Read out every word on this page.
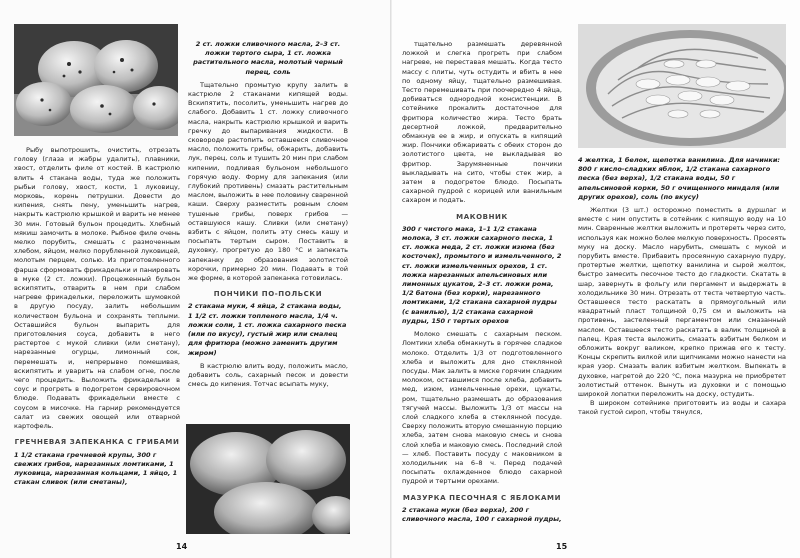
Рыбу выпотрошить, очистить, отрезать голову (глаза и жабры удалить), плавники, хвост, отделить филе от костей. В кастрюлю влить 4 стакана воды, туда же положить рыбьи голову, хвост, кости, 1 луковицу, морковь, корень петрушки. Довести до кипения, снять пену, уменьшить нагрев, накрыть кастрюлю крышкой и варить не менее 30 мин. Готовый бульон процедить. Хлебный мякиш замочить в молоке. Рыбное филе очень мелко порубить, смешать с размоченным хлебом, яйцом, мелко порубленной луковицей, молотым перцем, солью. Из приготовленного фарша сформовать фрикадельки и панировать в муке (2 ст. ложки). Процеженный бульон вскипятить, отварить в нем при слабом нагреве фрикадельки, переложить шумовкой в другую посуду, залить небольшим количеством бульона и сохранять теплыми. Оставшийся бульон выпарить для приготовления соуса, добавить в него растертое с мукой сливки (или сметану), нарезанные огурцы, лимонный сок, перемешать и, непрерывно помешивая, вскипятить и уварить на слабом огне, после чего процедить. Выложить фрикадельки в соус и прогреть в подогретом сервировочном блюде. Подавать фрикадельки вместе с соусом в мисочке. На гарнир рекомендуется салат из свежих овощей или отварной картофель.

ГРЕЧНЕВАЯ ЗАПЕКАНКА С ГРИБАМИ

1 1/2 стакана гречневой крупы, 300 г свежих грибов, нарезанных ломтиками, 1 луковица, нарезанная кольцами, 1 яйцо, 1 стакан сливок (или сметаны),

2 ст. ложки сливочного масла, 2–3 ст. ложки тертого сыра, 1 ст. ложка растительного масла, молотый черный перец, соль

Тщательно промытую крупу залить в кастрюле 2 стаканами кипящей воды. Вскипятить, посолить, уменьшить нагрев до слабого. Добавить 1 ст. ложку сливочного масла, накрыть кастрюлю крышкой и варить гречку до выпаривания жидкости. В сковороде растопить оставшееся сливочное масло, положить грибы, обжарить, добавить лук, перец, соль и тушить 20 мин при слабом кипении, подливая бульоном небольшого горячую воду. Форму для запекания (или глубокий противень) смазать растительным маслом, выложить в нее половину сваренной каши. Сверху разместить ровным слоем тушеные грибы, поверх грибов — оставшуюся кашу. Сливки (или сметану) взбить с яйцом, полить эту смесь кашу и посыпать тертым сыром. Поставить в духовку, прогретую до 180 °C и запекать запеканку до образования золотистой корочки, примерно 20 мин. Подавать в той же форме, в которой запеканка готовилась.

ПОНЧИКИ ПО-ПОЛЬСКИ

2 стакана муки, 4 яйца, 2 стакана воды, 1 1/2 ст. ложки топленого масла, 1/4 ч. ложки соли, 1 ст. ложка сахарного песка (или по вкусу), густый жир или смалец для фритюра (можно заменить другим жиром)

В кастрюлю влить воду, положить масло, добавить соль, сахарный песок и довести смесь до кипения. Тотчас всыпать муку,

14

тщательно размешать деревянной ложкой и слегка прогреть при слабом нагреве, не переставая мешать. Когда тесто массу с плиты, чуть остудить и вбить в нее по одному яйцу, тщательно размешивая. Тесто перемешивать при поочередно 4 яйца, добиваться однородной консистенции. В сотейнике прокалить достаточное для фритюра количество жира. Тесто брать десертной ложкой, предварительно обмакнув ее в жир, и опускать в кипящий жир. Пончики обжаривать с обеих сторон до золотистого цвета, не выкладывая во фритюр. Зарумяненные пончики выкладывать на сито, чтобы стек жир, а затем в подогретое блюдо. Посыпать сахарной пудрой с корицей или ванильным сахаром и подать.

МАКОВНИК

300 г чистого мака, 1–1 1/2 стакана молока, 3 ст. ложки сахарного песка, 1 ст. ложка меда, 2 ст. ложки изюма (без косточек), промытого и измельченного, 2 ст. ложки измельченных орехов, 1 ст. ложка нарезанных апельсиновых или лимонных цукатов, 2–3 ст. ложки рома, 1/2 батона (без корки), нарезанного ломтиками, 1/2 стакана сахарной пудры (с ванилью), 1/2 стакана сахарной пудры, 150 г тертых орехов

Молоко смешать с сахарным песком. Ломтики хлеба обмакнуть в горячее сладкое молоко. Отделить 1/3 от подготовленного хлеба и выложить для дно стеклянной посуды. Мак залить в миске горячим сладким молоком, оставшимся после хлеба, добавить мед, изюм, измельченные орехи, цукаты, ром, тщательно размешать до образования тягучей массы. Выложить 1/3 от массы на слой сладкого хлеба в стеклянной посуде. Сверху положить вторую смешанную порцию хлеба, затем снова маковую смесь и снова слой хлеба и маковую смесь. Последний слой — хлеб. Поставить посуду с маковником в холодильник на 6–8 ч. Перед подачей посыпать охлажденное блюдо сахарной пудрой и тертыми орехами.

МАЗУРКА ПЕСОЧНАЯ С ЯБЛОКАМИ

2 стакана муки (без верха), 200 г сливочного масла, 100 г сахарной пудры,

4 желтка, 1 белок, щепотка ванилина. Для начинки: 800 г кисло-сладких яблок, 1/2 стакана сахарного песка (без верха), 1/2 стакана воды, 50 г апельсиновой корки, 50 г очищенного миндаля (или других орехов), соль (по вкусу)

Желтки (3 шт.) осторожно поместить в дуршлаг и вместе с ним опустить в сотейник с кипящую воду на 10 мин. Сваренные желтки выложить и протереть через сито, используя как можно более мелкую поверхность. Просеять муку на доску. Масло нарубить, смешать с мукой и порубить вместе. Прибавить просеянную сахарную пудру, протертые желтки, щепотку ванилина и сырой желток, быстро замесить песочное тесто до гладкости. Скатать в шар, завернуть в фольгу или пергамент и выдержать в холодильнике 30 мин. Отрезать от теста четвертую часть. Оставшееся тесто раскатать в прямоугольный или квадратный пласт толщиной 0,75 см и выложить на противень, застеленный пергаментом или смазанный маслом. Оставшееся тесто раскатать в валик толщиной в палец. Края теста выложить, смазать взбитым белком и обложить вокруг валиком, крепко прижав его к тесту. Концы скрепить вилкой или щипчиками можно нанести на края узор. Смазать валик взбитым желтком. Выпекать в духовке, нагретой до 220 °C, пока мазурка не приобретет золотистый оттенок. Вынуть из духовки и с помощью широкой лопатки переложить на доску, остудить.

В широком сотейнике приготовить из воды и сахара такой густой сироп, чтобы тянулся,

15
